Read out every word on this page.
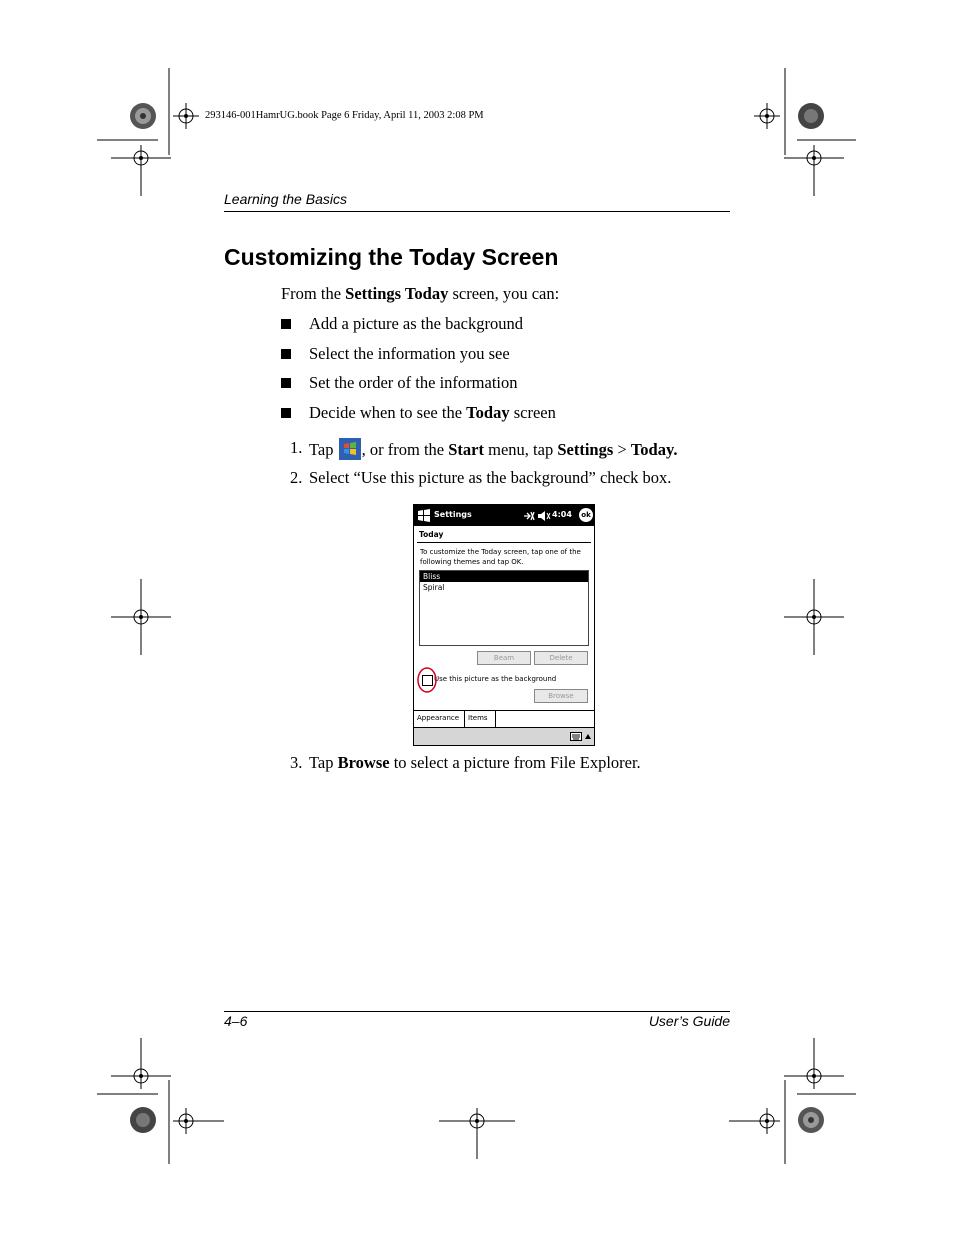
293146-001HamrUG.book Page 6 Friday, April 11, 2003 2:08 PM
Learning the Basics
Customizing the Today Screen
From the Settings Today screen, you can:
Add a picture as the background
Select the information you see
Set the order of the information
Decide when to see the Today screen
1. Tap , or from the Start menu, tap Settings > Today.
2. Select “Use this picture as the background” check box.
Settings	4:04	ok
Today
To customize the Today screen, tap one of the following themes and tap OK.
Bliss
Spiral
Beam	Delete
Use this picture as the background
Browse
Appearance	Items
3. Tap Browse to select a picture from File Explorer.
4–6	User’s Guide
